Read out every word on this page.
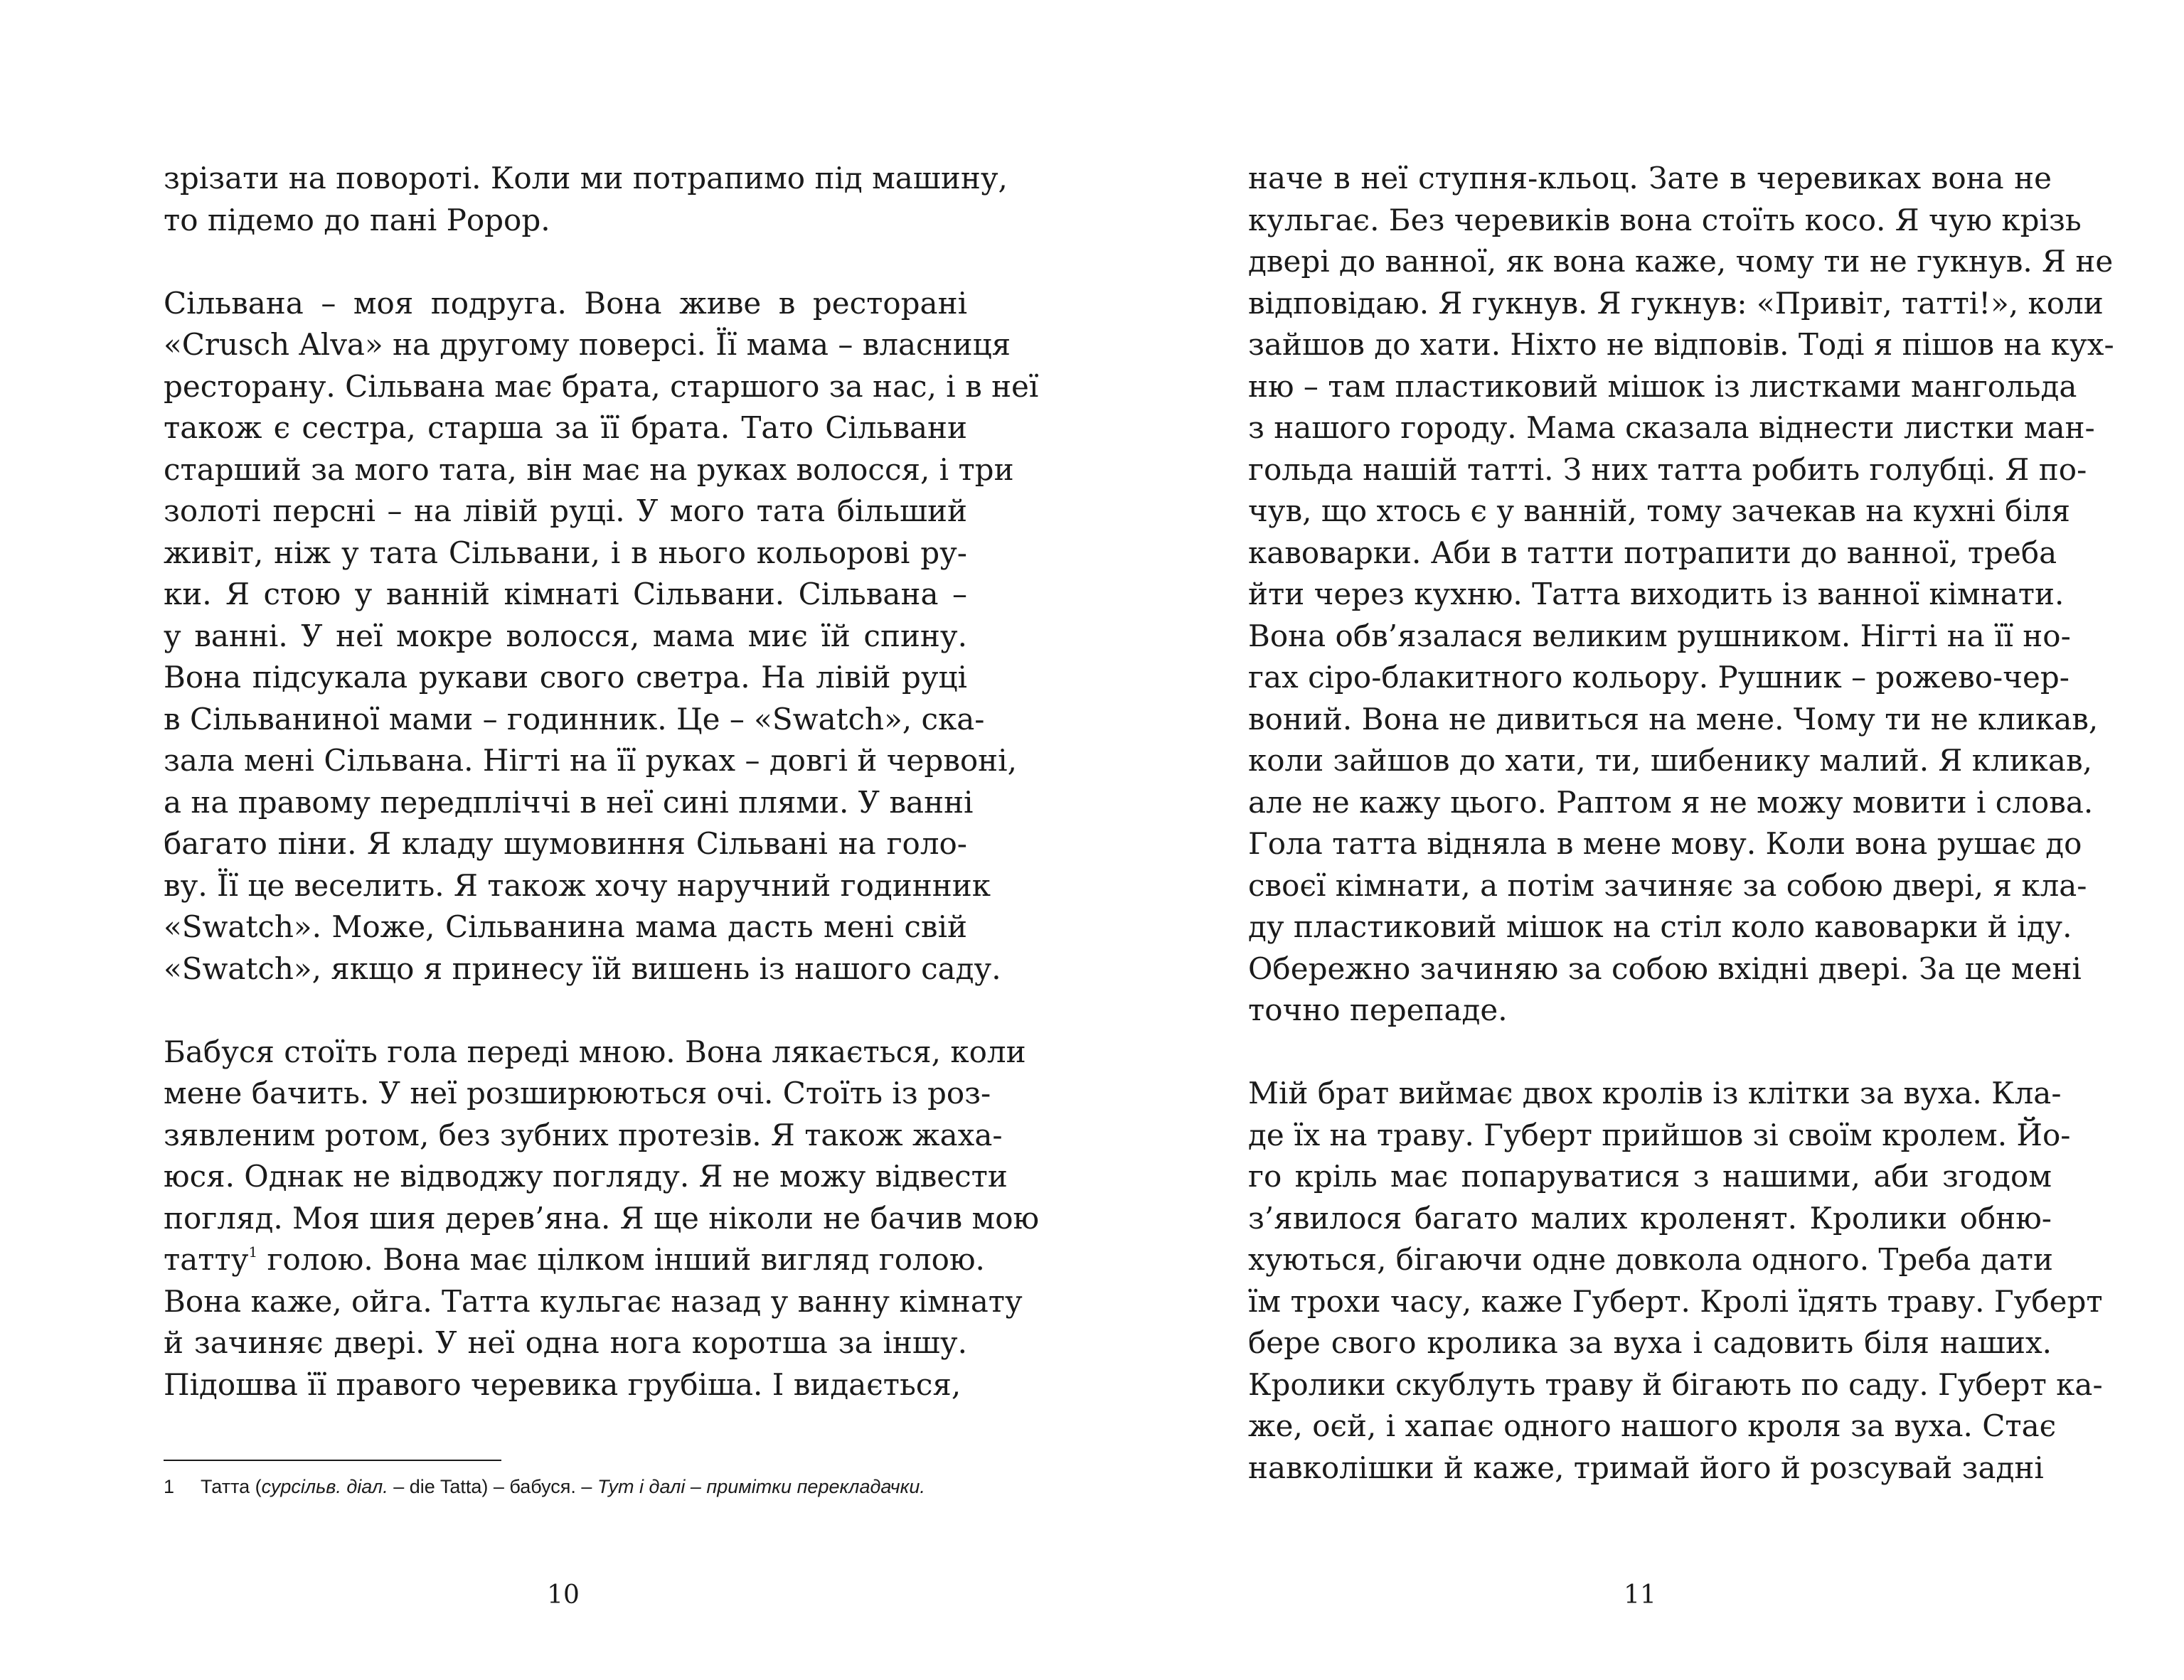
зрізати на повороті. Коли ми потрапимо під машину,
то підемо до пані Ророр.
Сільвана – моя подруга. Вона живе в ресторані
«Crusch Alva» на другому поверсі. Її мама – власниця
ресторану. Сільвана має брата, старшого за нас, і в неї
також є сестра, старша за її брата. Тато Сільвани
старший за мого тата, він має на руках волосся, і три
золоті персні – на лівій руці. У мого тата більший
живіт, ніж у тата Сільвани, і в нього кольорові ру-
ки. Я стою у ванній кімнаті Сільвани. Сільвана –
у ванні. У неї мокре волосся, мама миє їй спину.
Вона підсукала рукави свого светра. На лівій руці
в Сільваниної мами – годинник. Це – «Swatch», ска-
зала мені Сільвана. Нігті на її руках – довгі й червоні,
а на правому передпліччі в неї сині плями. У ванні
багато піни. Я кладу шумовиння Сільвані на голо-
ву. Її це веселить. Я також хочу наручний годинник
«Swatch». Може, Сільванина мама дасть мені свій
«Swatch», якщо я принесу їй вишень із нашого саду.
Бабуся стоїть гола переді мною. Вона лякається, коли
мене бачить. У неї розширюються очі. Стоїть із роз-
зявленим ротом, без зубних протезів. Я також жаха-
юся. Однак не відводжу погляду. Я не можу відвести
погляд. Моя шия дерев’яна. Я ще ніколи не бачив мою
татту$^1$ голою. Вона має цілком інший вигляд голою.
Вона каже, ойга. Татта кульгає назад у ванну кімнату
й зачиняє двері. У неї одна нога коротша за іншу.
Підошва її правого черевика грубіша. І видається,
1 Татта (сурсільв. діал. – die Tatta) – бабуся. – Тут і далі – примітки перекладачки.
10
наче в неї ступня-кльоц. Зате в черевиках вона не
кульгає. Без черевиків вона стоїть косо. Я чую крізь
двері до ванної, як вона каже, чому ти не гукнув. Я не
відповідаю. Я гукнув. Я гукнув: «Привіт, татті!», коли
зайшов до хати. Ніхто не відповів. Тоді я пішов на кух-
ню – там пластиковий мішок із листками мангольда
з нашого городу. Мама сказала віднести листки ман-
гольда нашій татті. З них татта робить голубці. Я по-
чув, що хтось є у ванній, тому зачекав на кухні біля
кавоварки. Аби в татти потрапити до ванної, треба
йти через кухню. Татта виходить із ванної кімнати.
Вона обв’язалася великим рушником. Нігті на її но-
гах сіро-блакитного кольору. Рушник – рожево-чер-
воний. Вона не дивиться на мене. Чому ти не кликав,
коли зайшов до хати, ти, шибенику малий. Я кликав,
але не кажу цього. Раптом я не можу мовити і слова.
Гола татта відняла в мене мову. Коли вона рушає до
своєї кімнати, а потім зачиняє за собою двері, я кла-
ду пластиковий мішок на стіл коло кавоварки й іду.
Обережно зачиняю за собою вхідні двері. За це мені
точно перепаде.
Мій брат виймає двох кролів із клітки за вуха. Кла-
де їх на траву. Губерт прийшов зі своїм кролем. Йо-
го кріль має попаруватися з нашими, аби згодом
з’явилося багато малих кроленят. Кролики обню-
хуються, бігаючи одне довкола одного. Треба дати
їм трохи часу, каже Губерт. Кролі їдять траву. Губерт
бере свого кролика за вуха і садовить біля наших.
Кролики скублуть траву й бігають по саду. Губерт ка-
же, оєй, і хапає одного нашого кроля за вуха. Стає
навколішки й каже, тримай його й розсувай задні
11
